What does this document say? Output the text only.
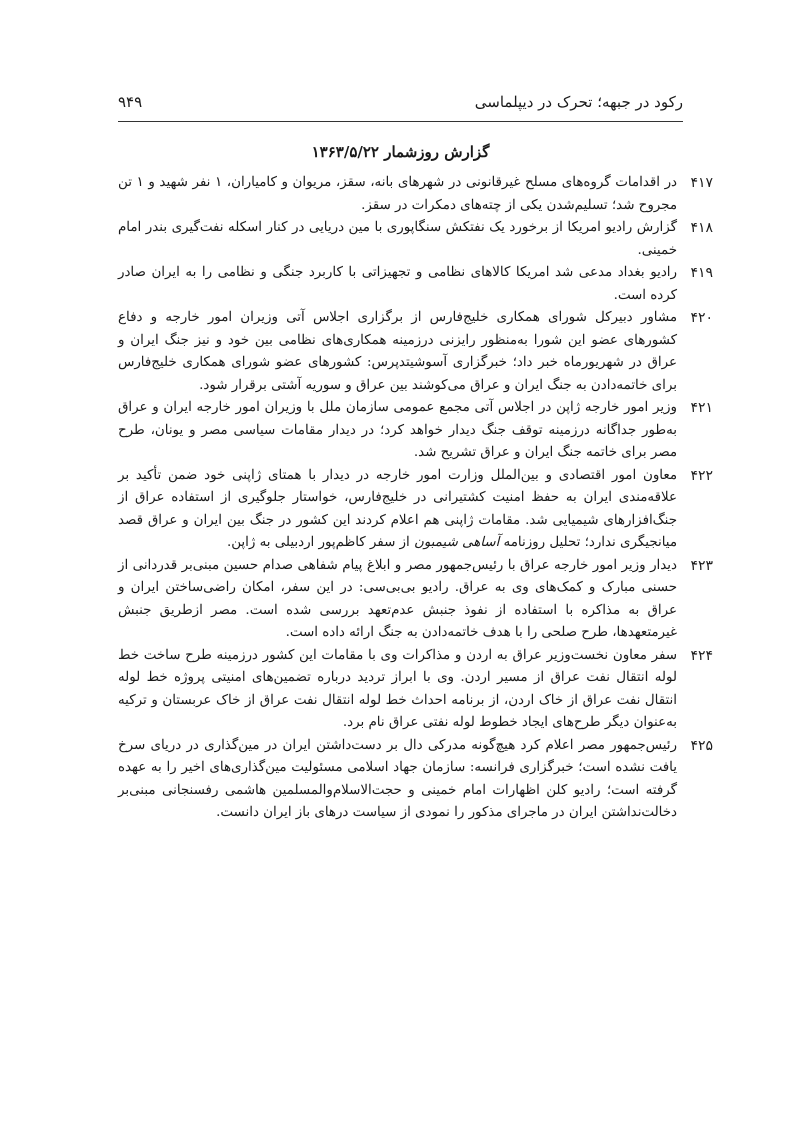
رکود در جبهه؛ تحرک در دیپلماسی
۹۴۹
گزارش روزشمار ۱۳۶۳/۵/۲۲
۴۱۷
در اقدامات گروه‌های مسلح غیرقانونی در شهرهای بانه، سقز، مریوان و کامیاران، ۱ نفر شهید و ۱ تن مجروح شد؛ تسلیم‌شدن یکی از چته‌های دمکرات در سقز.
۴۱۸
گزارش رادیو امریکا از برخورد یک نفتکش سنگاپوری با مین دریایی در کنار اسکله نفت‌گیری بندر امام خمینی.
۴۱۹
رادیو بغداد مدعی شد امریکا کالاهای نظامی و تجهیزاتی با کاربرد جنگی و نظامی را به ایران صادر کرده است.
۴۲۰
مشاور دبیرکل شورای همکاری خلیج‌فارس از برگزاری اجلاس آتی وزیران امور خارجه و دفاع کشورهای عضو این شورا به‌منظور رایزنی درزمینه همکاری‌های نظامی بین خود و نیز جنگ ایران و عراق در شهریورماه خبر داد؛ خبرگزاری آسوشیتدپرس: کشورهای عضو شورای همکاری خلیج‌فارس برای خاتمه‌دادن به جنگ ایران و عراق می‌کوشند بین عراق و سوریه آشتی برقرار شود.
۴۲۱
وزیر امور خارجه ژاپن در اجلاس آتی مجمع عمومی سازمان ملل با وزیران امور خارجه ایران و عراق به‌طور جداگانه درزمینه توقف جنگ دیدار خواهد کرد؛ در دیدار مقامات سیاسی مصر و یونان، طرح مصر برای خاتمه جنگ ایران و عراق تشریح شد.
۴۲۲
معاون امور اقتصادی و بین‌الملل وزارت امور خارجه در دیدار با همتای ژاپنی خود ضمن تأکید بر علاقه‌مندی ایران به حفظ امنیت کشتیرانی در خلیج‌فارس، خواستار جلوگیری از استفاده عراق از جنگ‌افزارهای شیمیایی شد. مقامات ژاپنی هم اعلام کردند این کشور در جنگ بین ایران و عراق قصد میانجیگری ندارد؛ تحلیل روزنامه آساهی شیمبون از سفر کاظم‌پور اردبیلی به ژاپن.
۴۲۳
دیدار وزیر امور خارجه عراق با رئیس‌جمهور مصر و ابلاغ پیام شفاهی صدام حسین مبنی‌بر قدردانی از حسنی مبارک و کمک‌های وی به عراق. رادیو بی‌بی‌سی: در این سفر، امکان راضی‌ساختن ایران و عراق به مذاکره با استفاده از نفوذ جنبش عدم‌تعهد بررسی شده است. مصر ازطریق جنبش غیرمتعهدها، طرح صلحی را با هدف خاتمه‌دادن به جنگ ارائه داده است.
۴۲۴
سفر معاون نخست‌وزیر عراق به اردن و مذاکرات وی با مقامات این کشور درزمینه طرح ساخت خط لوله انتقال نفت عراق از مسیر اردن. وی با ابراز تردید درباره تضمین‌های امنیتی پروژه خط لوله انتقال نفت عراق از خاک اردن، از برنامه احداث خط لوله انتقال نفت عراق از خاک عربستان و ترکیه به‌عنوان دیگر طرح‌های ایجاد خطوط لوله نفتی عراق نام برد.
۴۲۵
رئیس‌جمهور مصر اعلام کرد هیچ‌گونه مدرکی دال بر دست‌داشتن ایران در مین‌گذاری در دریای سرخ یافت نشده است؛ خبرگزاری فرانسه: سازمان جهاد اسلامی مسئولیت مین‌گذاری‌های اخیر را به عهده گرفته است؛ رادیو کلن اظهارات امام خمینی و حجت‌الاسلام‌والمسلمین هاشمی رفسنجانی مبنی‌بر دخالت‌نداشتن ایران در ماجرای مذکور را نمودی از سیاست درهای باز ایران دانست.
